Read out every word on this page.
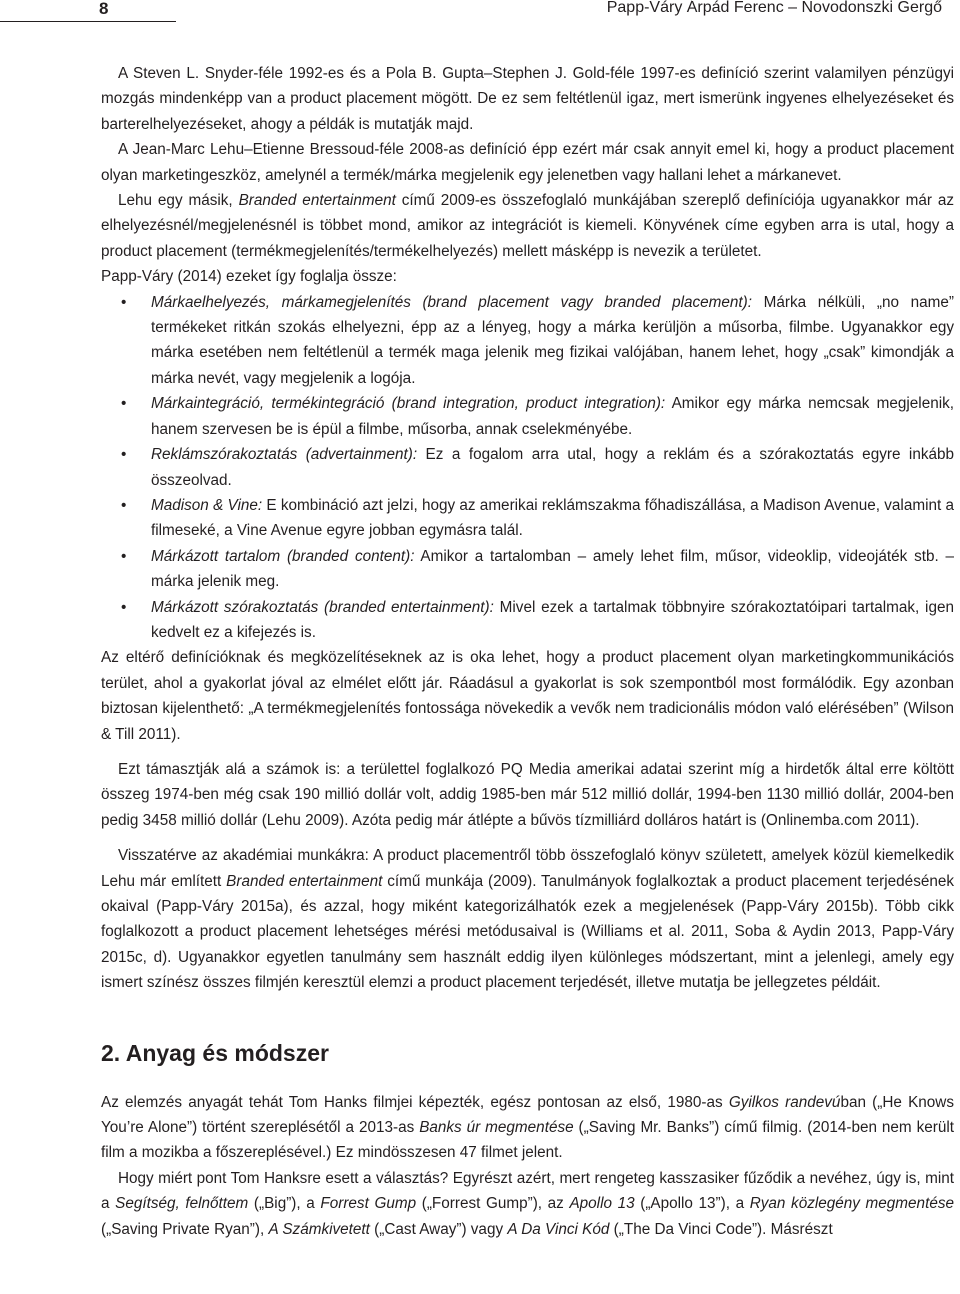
8	Papp-Váry Árpád Ferenc – Novodonszki Gergő

A Steven L. Snyder-féle 1992-es és a Pola B. Gupta–Stephen J. Gold-féle 1997-es definíció szerint valamilyen pénzügyi mozgás mindenképp van a product placement mögött. De ez sem feltétlenül igaz, mert ismerünk ingyenes elhelyezéseket és barterelhelyezéseket, ahogy a példák is mutatják majd.

A Jean-Marc Lehu–Etienne Bressoud-féle 2008-as definíció épp ezért már csak annyit emel ki, hogy a product placement olyan marketingeszköz, amelynél a termék/márka megjelenik egy jelenetben vagy hallani lehet a márkanevet.

Lehu egy másik, Branded entertainment című 2009-es összefoglaló munkájában szereplő definíciója ugyanakkor már az elhelyezésnél/megjelenésnél is többet mond, amikor az integrációt is kiemeli. Könyvének címe egyben arra is utal, hogy a product placement (termékmegjelenítés/termékelhelyezés) mellett másképp is nevezik a területet.

Papp-Váry (2014) ezeket így foglalja össze:

• Márkaelhelyezés, márkamegjelenítés (brand placement vagy branded placement): Márka nélküli, „no name” termékeket ritkán szokás elhelyezni, épp az a lényeg, hogy a márka kerüljön a műsorba, filmbe. Ugyanakkor egy márka esetében nem feltétlenül a termék maga jelenik meg fizikai valójában, hanem lehet, hogy „csak” kimondják a márka nevét, vagy megjelenik a logója.
• Márkaintegráció, termékintegráció (brand integration, product integration): Amikor egy márka nemcsak megjelenik, hanem szervesen be is épül a filmbe, műsorba, annak cselekményébe.
• Reklámszórakoztatás (advertainment): Ez a fogalom arra utal, hogy a reklám és a szórakoztatás egyre inkább összeolvad.
• Madison & Vine: E kombináció azt jelzi, hogy az amerikai reklámszakma főhadiszállása, a Madison Avenue, valamint a filmeseké, a Vine Avenue egyre jobban egymásra talál.
• Márkázott tartalom (branded content): Amikor a tartalomban – amely lehet film, műsor, videoklip, videojáték stb. – márka jelenik meg.
• Márkázott szórakoztatás (branded entertainment): Mivel ezek a tartalmak többnyire szórakoztatóipari tartalmak, igen kedvelt ez a kifejezés is.

Az eltérő definícióknak és megközelítéseknek az is oka lehet, hogy a product placement olyan marketingkommunikációs terület, ahol a gyakorlat jóval az elmélet előtt jár. Ráadásul a gyakorlat is sok szempontból most formálódik. Egy azonban biztosan kijelenthető: „A termékmegjelenítés fontossága növekedik a vevők nem tradicionális módon való elérésében” (Wilson & Till 2011).

Ezt támasztják alá a számok is: a területtel foglalkozó PQ Media amerikai adatai szerint míg a hirdetők által erre költött összeg 1974-ben még csak 190 millió dollár volt, addig 1985-ben már 512 millió dollár, 1994-ben 1130 millió dollár, 2004-ben pedig 3458 millió dollár (Lehu 2009). Azóta pedig már átlépte a bűvös tízmilliárd dolláros határt is (Onlinemba.com 2011).

Visszatérve az akadémiai munkákra: A product placementről több összefoglaló könyv született, amelyek közül kiemelkedik Lehu már említett Branded entertainment című munkája (2009). Tanulmányok foglalkoztak a product placement terjedésének okaival (Papp-Váry 2015a), és azzal, hogy miként kategorizálhatók ezek a megjelenések (Papp-Váry 2015b). Több cikk foglalkozott a product placement lehetséges mérési metódusaival is (Williams et al. 2011, Soba & Aydin 2013, Papp-Váry 2015c, d). Ugyanakkor egyetlen tanulmány sem használt eddig ilyen különleges módszertant, mint a jelenlegi, amely egy ismert színész összes filmjén keresztül elemzi a product placement terjedését, illetve mutatja be jellegzetes példáit.

2. Anyag és módszer

Az elemzés anyagát tehát Tom Hanks filmjei képezték, egész pontosan az első, 1980-as Gyilkos randevúban („He Knows You’re Alone”) történt szereplésétől a 2013-as Banks úr megmentése („Saving Mr. Banks”) című filmig. (2014-ben nem került film a mozikba a főszereplésével.) Ez mindösszesen 47 filmet jelent.

Hogy miért pont Tom Hanksre esett a választás? Egyrészt azért, mert rengeteg kasszasiker fűződik a nevéhez, úgy is, mint a Segítség, felnőttem („Big”), a Forrest Gump („Forrest Gump”), az Apollo 13 („Apollo 13”), a Ryan közlegény megmentése („Saving Private Ryan”), A Számkivetett („Cast Away”) vagy A Da Vinci Kód („The Da Vinci Code”). Másrészt
